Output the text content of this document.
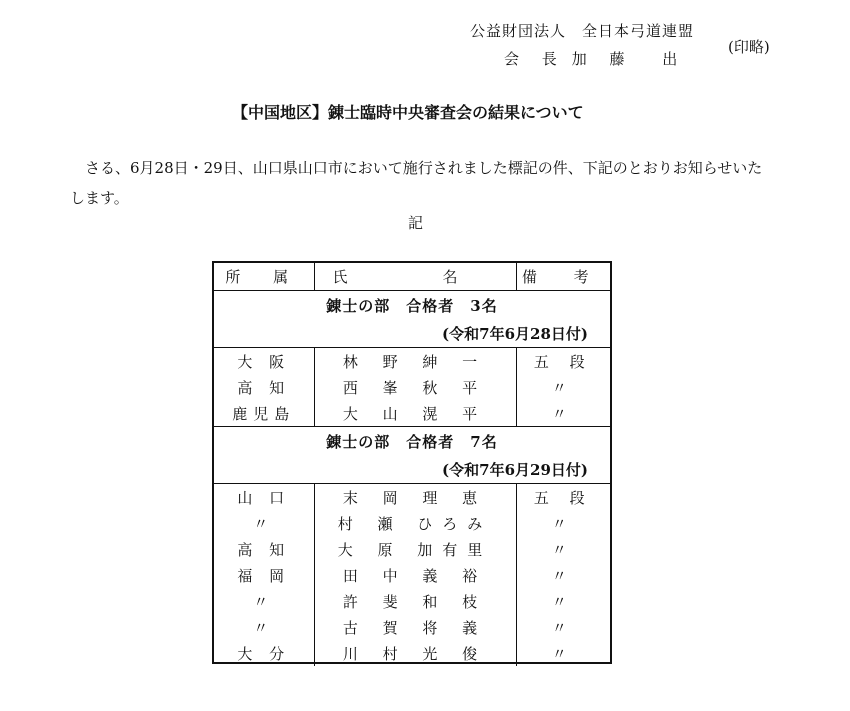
公益財団法人　全日本弓道連盟
会 長　加 藤　 出
(印略)
【中国地区】錬士臨時中央審査会の結果について
さる、6月28日・29日、山口県山口市において施行されました標記の件、下記のとおりお知らせいたします。
記
所 属	氏　名	備 考
錬士の部　合格者　3名		
(令和7年6月28日付)		
大 阪	林 野 紳 一	五 段
高 知	西 峯 秋 平	〃
鹿児島	大 山 滉 平	〃
錬士の部　合格者　7名		
(令和7年6月29日付)		
山 口	末 岡 理 恵	五 段
〃	村 瀬 ひろみ	〃
高 知	大 原 加有里	〃
福 岡	田 中 義 裕	〃
〃	許 斐 和 枝	〃
〃	古 賀 将 義	〃
大 分	川 村 光 俊	〃
